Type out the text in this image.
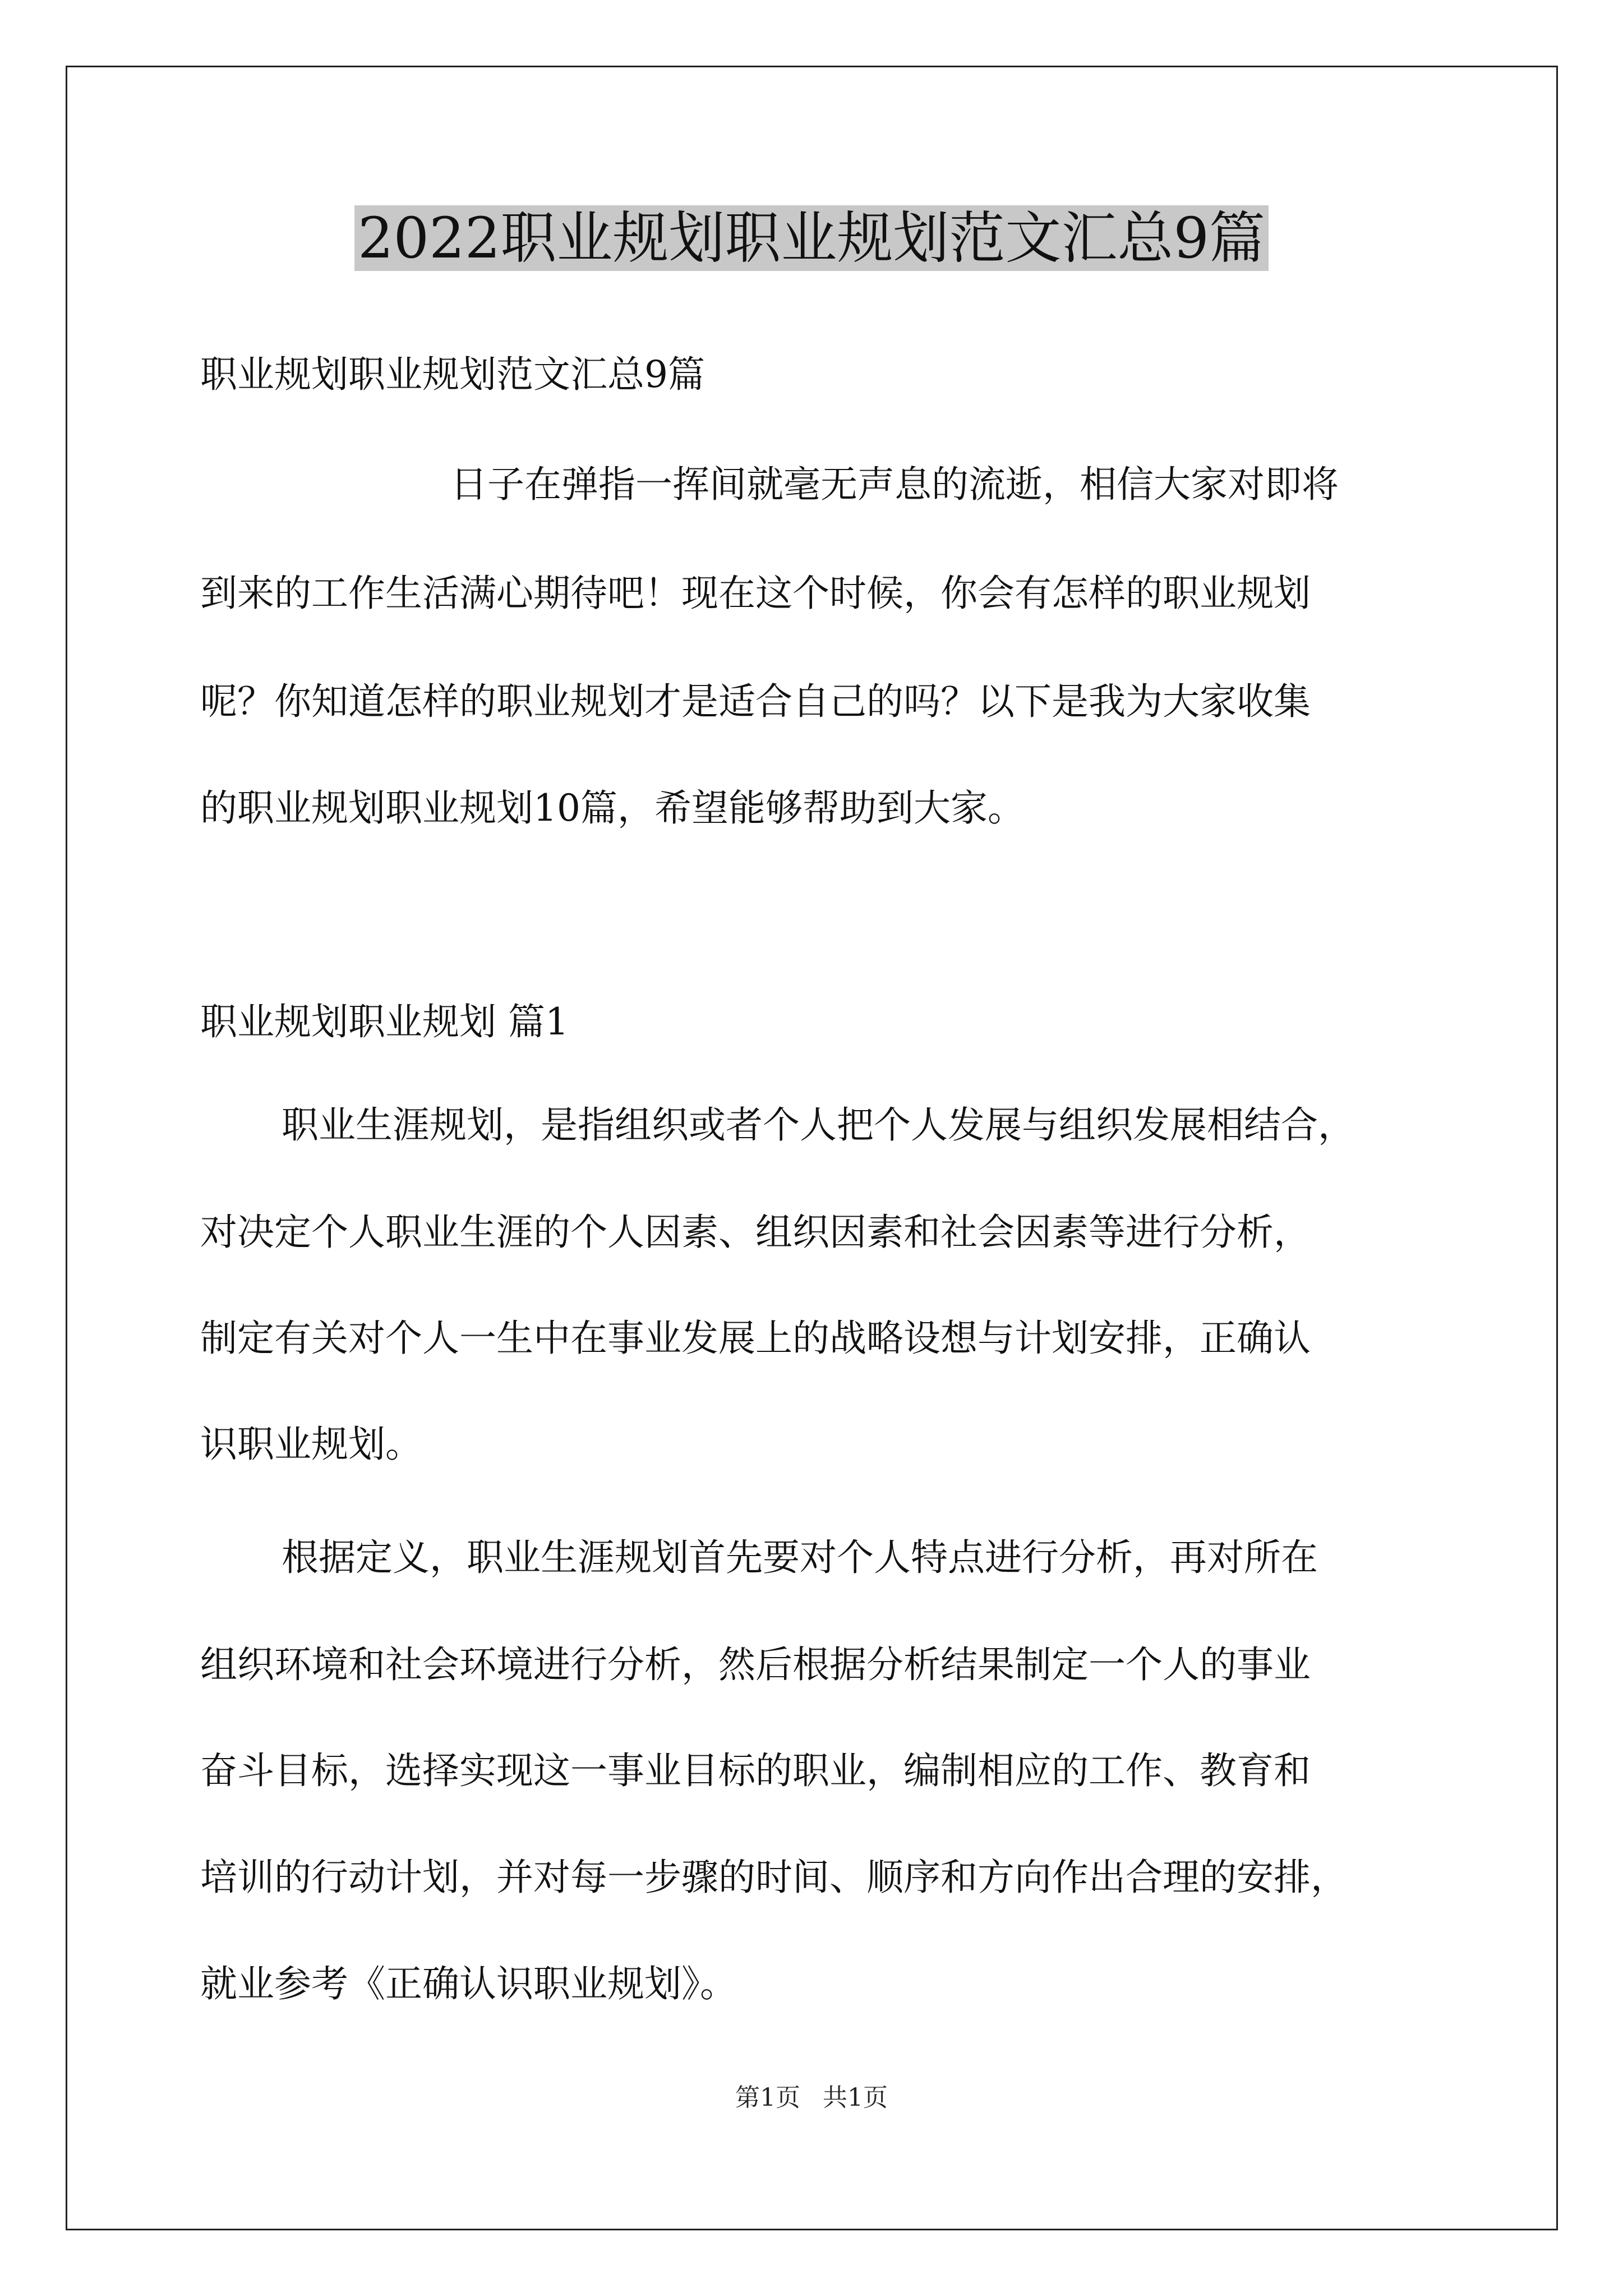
2022职业规划职业规划范文汇总9篇

职业规划职业规划范文汇总9篇

日子在弹指一挥间就毫无声息的流逝，相信大家对即将

到来的工作生活满心期待吧！现在这个时候，你会有怎样的职业规划

呢？你知道怎样的职业规划才是适合自己的吗？以下是我为大家收集

的职业规划职业规划10篇，希望能够帮助到大家。

职业规划职业规划 篇1

职业生涯规划，是指组织或者个人把个人发展与组织发展相结合，

对决定个人职业生涯的个人因素、组织因素和社会因素等进行分析，

制定有关对个人一生中在事业发展上的战略设想与计划安排，正确认

识职业规划。

根据定义，职业生涯规划首先要对个人特点进行分析，再对所在

组织环境和社会环境进行分析，然后根据分析结果制定一个人的事业

奋斗目标，选择实现这一事业目标的职业，编制相应的工作、教育和

培训的行动计划，并对每一步骤的时间、顺序和方向作出合理的安排，

就业参考《正确认识职业规划》。

第1页 共1页
